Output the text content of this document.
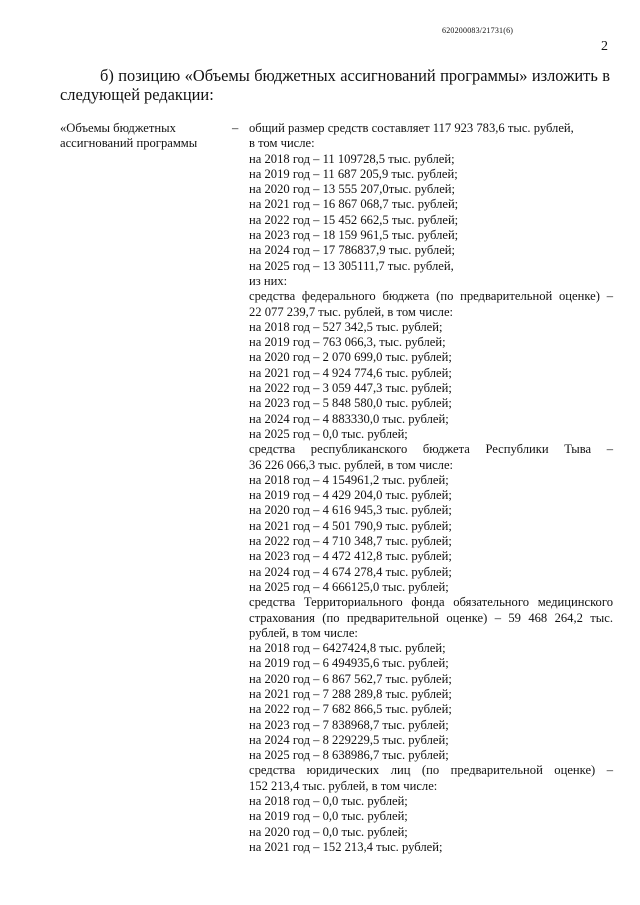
620200083/21731(6)
2
б) позицию «Объемы бюджетных ассигнований программы» изложить в следующей редакции:
«Объемы бюджетных
ассигнований программы
– общий размер средств составляет 117 923 783,6 тыс. рублей,
в том числе:
на 2018 год – 11 109728,5 тыс. рублей;
на 2019 год – 11 687 205,9 тыс. рублей;
на 2020 год – 13 555 207,0тыс. рублей;
на 2021 год – 16 867 068,7 тыс. рублей;
на 2022 год – 15 452 662,5 тыс. рублей;
на 2023 год – 18 159 961,5 тыс. рублей;
на 2024 год – 17 786837,9 тыс. рублей;
на 2025 год – 13 305111,7 тыс. рублей,
из них:
средства федерального бюджета (по предварительной оценке) –
22 077 239,7 тыс. рублей, в том числе:
на 2018 год – 527 342,5 тыс. рублей;
на 2019 год – 763 066,3, тыс. рублей;
на 2020 год – 2 070 699,0 тыс. рублей;
на 2021 год – 4 924 774,6 тыс. рублей;
на 2022 год – 3 059 447,3 тыс. рублей;
на 2023 год – 5 848 580,0 тыс. рублей;
на 2024 год – 4 883330,0 тыс. рублей;
на 2025 год – 0,0 тыс. рублей;
средства республиканского бюджета Республики Тыва –
36 226 066,3 тыс. рублей, в том числе:
на 2018 год – 4 154961,2 тыс. рублей;
на 2019 год – 4 429 204,0 тыс. рублей;
на 2020 год – 4 616 945,3 тыс. рублей;
на 2021 год – 4 501 790,9 тыс. рублей;
на 2022 год – 4 710 348,7 тыс. рублей;
на 2023 год – 4 472 412,8 тыс. рублей;
на 2024 год – 4 674 278,4 тыс. рублей;
на 2025 год – 4 666125,0 тыс. рублей;
средства Территориального фонда обязательного медицинского
страхования (по предварительной оценке) – 59 468 264,2 тыс.
рублей, в том числе:
на 2018 год – 6427424,8 тыс. рублей;
на 2019 год – 6 494935,6 тыс. рублей;
на 2020 год – 6 867 562,7 тыс. рублей;
на 2021 год – 7 288 289,8 тыс. рублей;
на 2022 год – 7 682 866,5 тыс. рублей;
на 2023 год – 7 838968,7 тыс. рублей;
на 2024 год – 8 229229,5 тыс. рублей;
на 2025 год – 8 638986,7 тыс. рублей;
средства юридических лиц (по предварительной оценке) –
152 213,4 тыс. рублей, в том числе:
на 2018 год – 0,0 тыс. рублей;
на 2019 год – 0,0 тыс. рублей;
на 2020 год – 0,0 тыс. рублей;
на 2021 год – 152 213,4 тыс. рублей;
